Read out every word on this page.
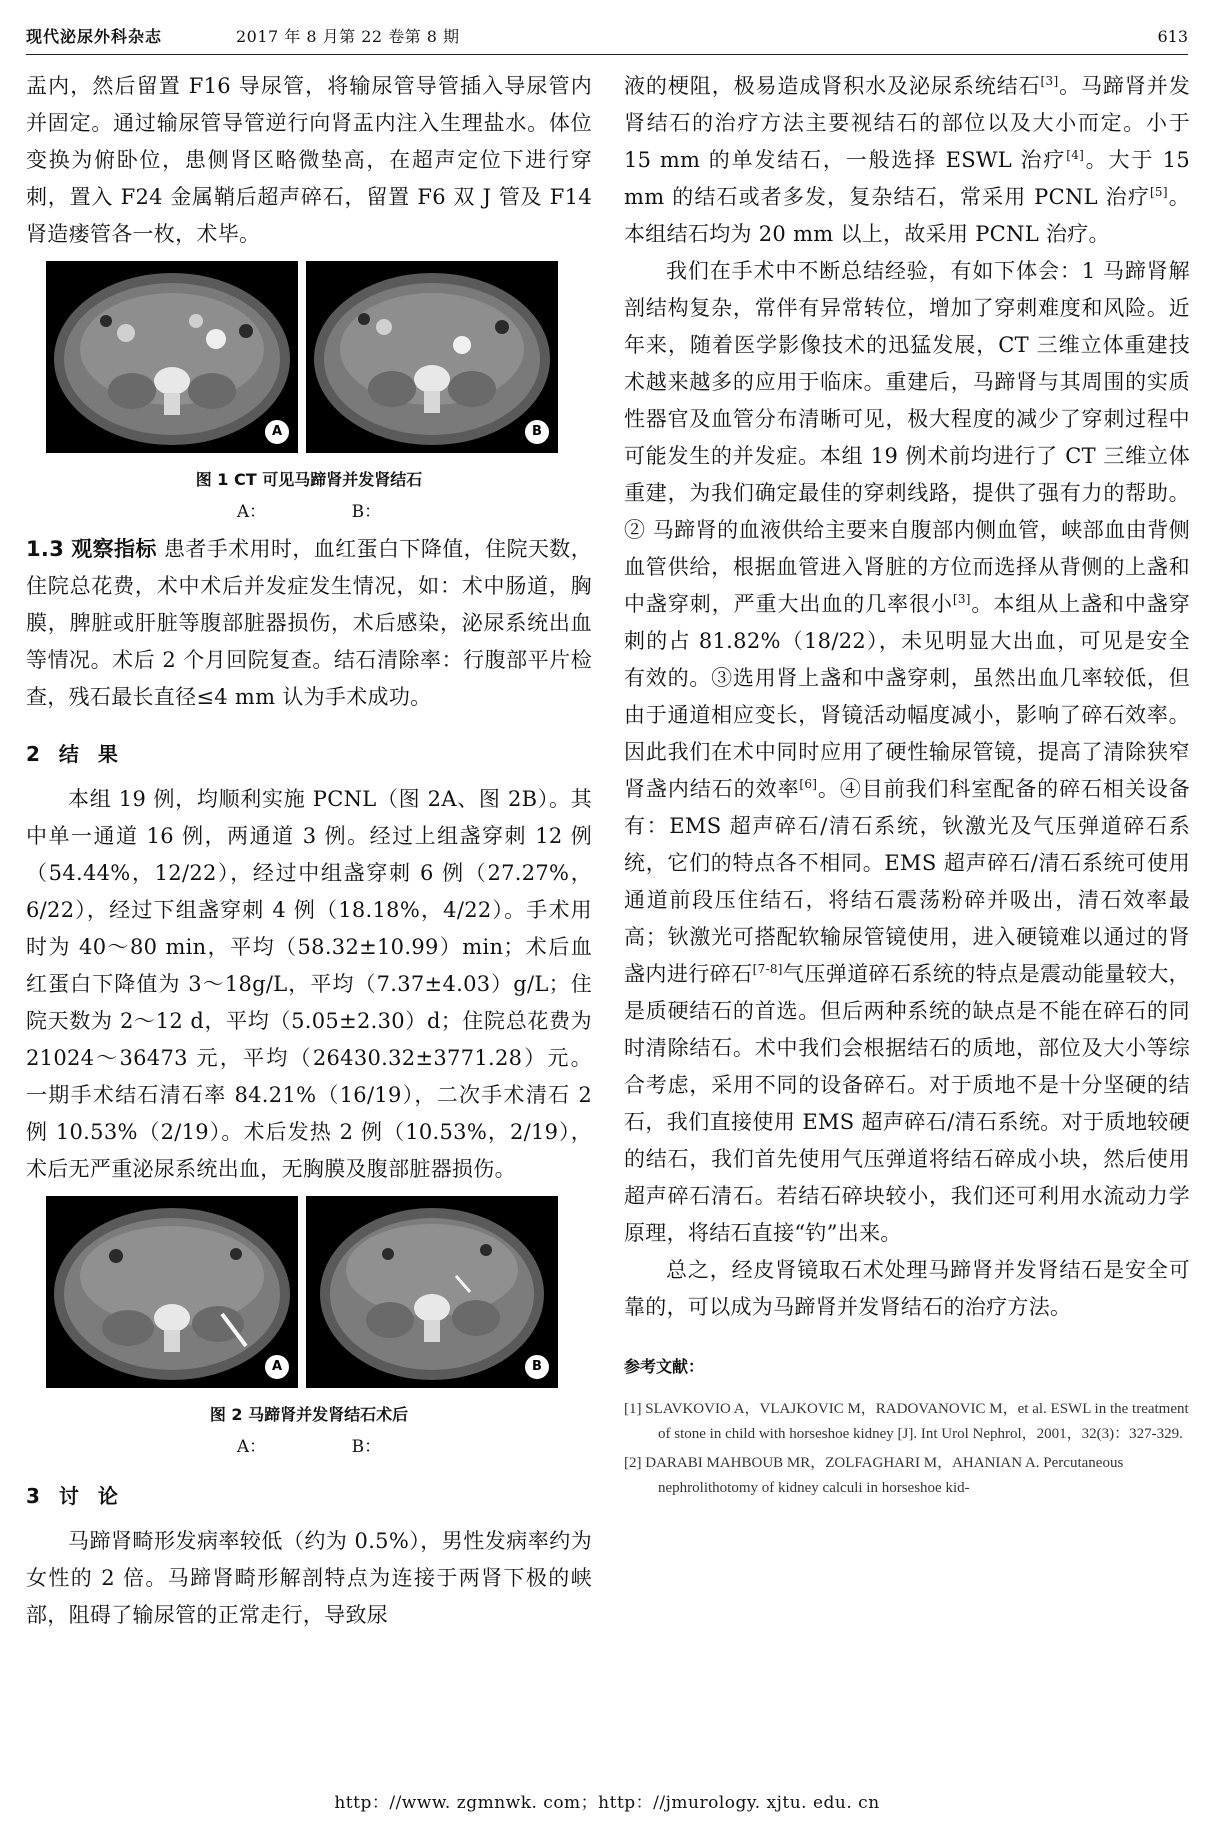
现代泌尿外科杂志	2017 年 8 月第 22 卷第 8 期	613

盂内，然后留置 F16 导尿管，将输尿管导管插入导尿管内并固定。通过输尿管导管逆行向肾盂内注入生理盐水。体位变换为俯卧位，患侧肾区略微垫高，在超声定位下进行穿刺，置入 F24 金属鞘后超声碎石，留置 F6 双 J 管及 F14 肾造瘘管各一枚，术毕。

A	B
图 1 CT 可见马蹄肾并发肾结石
A：	B：

1.3 观察指标 患者手术用时，血红蛋白下降值，住院天数，住院总花费，术中术后并发症发生情况，如：术中肠道，胸膜，脾脏或肝脏等腹部脏器损伤，术后感染，泌尿系统出血等情况。术后 2 个月回院复查。结石清除率：行腹部平片检查，残石最长直径≤4 mm 认为手术成功。

2 结 果

本组 19 例，均顺利实施 PCNL（图 2A、图 2B）。其中单一通道 16 例，两通道 3 例。经过上组盏穿刺 12 例（54.44%，12/22），经过中组盏穿刺 6 例（27.27%，6/22），经过下组盏穿刺 4 例（18.18%，4/22）。手术用时为 40～80 min，平均（58.32±10.99）min；术后血红蛋白下降值为 3～18g/L，平均（7.37±4.03）g/L；住院天数为 2～12 d，平均（5.05±2.30）d；住院总花费为 21024～36473 元，平均（26430.32±3771.28）元。一期手术结石清石率 84.21%（16/19），二次手术清石 2 例 10.53%（2/19）。术后发热 2 例（10.53%，2/19），术后无严重泌尿系统出血，无胸膜及腹部脏器损伤。

A	B
图 2 马蹄肾并发肾结石术后
A：	B：
3 讨 论

马蹄肾畸形发病率较低（约为 0.5%），男性发病率约为女性的 2 倍。马蹄肾畸形解剖特点为连接于两肾下极的峡部，阻碍了输尿管的正常走行，导致尿

液的梗阻，极易造成肾积水及泌尿系统结石[3]。马蹄肾并发肾结石的治疗方法主要视结石的部位以及大小而定。小于 15 mm 的单发结石，一般选择 ESWL 治疗[4]。大于 15 mm 的结石或者多发，复杂结石，常采用 PCNL 治疗[5]。本组结石均为 20 mm 以上，故采用 PCNL 治疗。

我们在手术中不断总结经验，有如下体会：1 马蹄肾解剖结构复杂，常伴有异常转位，增加了穿刺难度和风险。近年来，随着医学影像技术的迅猛发展，CT 三维立体重建技术越来越多的应用于临床。重建后，马蹄肾与其周围的实质性器官及血管分布清晰可见，极大程度的减少了穿刺过程中可能发生的并发症。本组 19 例术前均进行了 CT 三维立体重建，为我们确定最佳的穿刺线路，提供了强有力的帮助。② 马蹄肾的血液供给主要来自腹部内侧血管，峡部血由背侧血管供给，根据血管进入肾脏的方位而选择从背侧的上盏和中盏穿刺，严重大出血的几率很小[3]。本组从上盏和中盏穿刺的占 81.82%（18/22），未见明显大出血，可见是安全有效的。③选用肾上盏和中盏穿刺，虽然出血几率较低，但由于通道相应变长，肾镜活动幅度减小，影响了碎石效率。因此我们在术中同时应用了硬性输尿管镜，提高了清除狭窄肾盏内结石的效率[6]。④目前我们科室配备的碎石相关设备有：EMS 超声碎石/清石系统，钬激光及气压弹道碎石系统，它们的特点各不相同。EMS 超声碎石/清石系统可使用通道前段压住结石，将结石震荡粉碎并吸出，清石效率最高；钬激光可搭配软输尿管镜使用，进入硬镜难以通过的肾盏内进行碎石[7-8]气压弹道碎石系统的特点是震动能量较大，是质硬结石的首选。但后两种系统的缺点是不能在碎石的同时清除结石。术中我们会根据结石的质地，部位及大小等综合考虑，采用不同的设备碎石。对于质地不是十分坚硬的结石，我们直接使用 EMS 超声碎石/清石系统。对于质地较硬的结石，我们首先使用气压弹道将结石碎成小块，然后使用超声碎石清石。若结石碎块较小，我们还可利用水流动力学原理，将结石直接“钓”出来。

总之，经皮肾镜取石术处理马蹄肾并发肾结石是安全可靠的，可以成为马蹄肾并发肾结石的治疗方法。

参考文献：

[1] SLAVKOVIO A，VLAJKOVIC M，RADOVANOVIC M，et al. ESWL in the treatment of stone in child with horseshoe kidney [J]. Int Urol Nephrol，2001，32(3)：327-329.

[2] DARABI MAHBOUB MR，ZOLFAGHARI M，AHANIAN A. Percutaneous nephrolithotomy of kidney calculi in horseshoe kid-

http：//www. zgmnwk. com；http：//jmurology. xjtu. edu. cn
